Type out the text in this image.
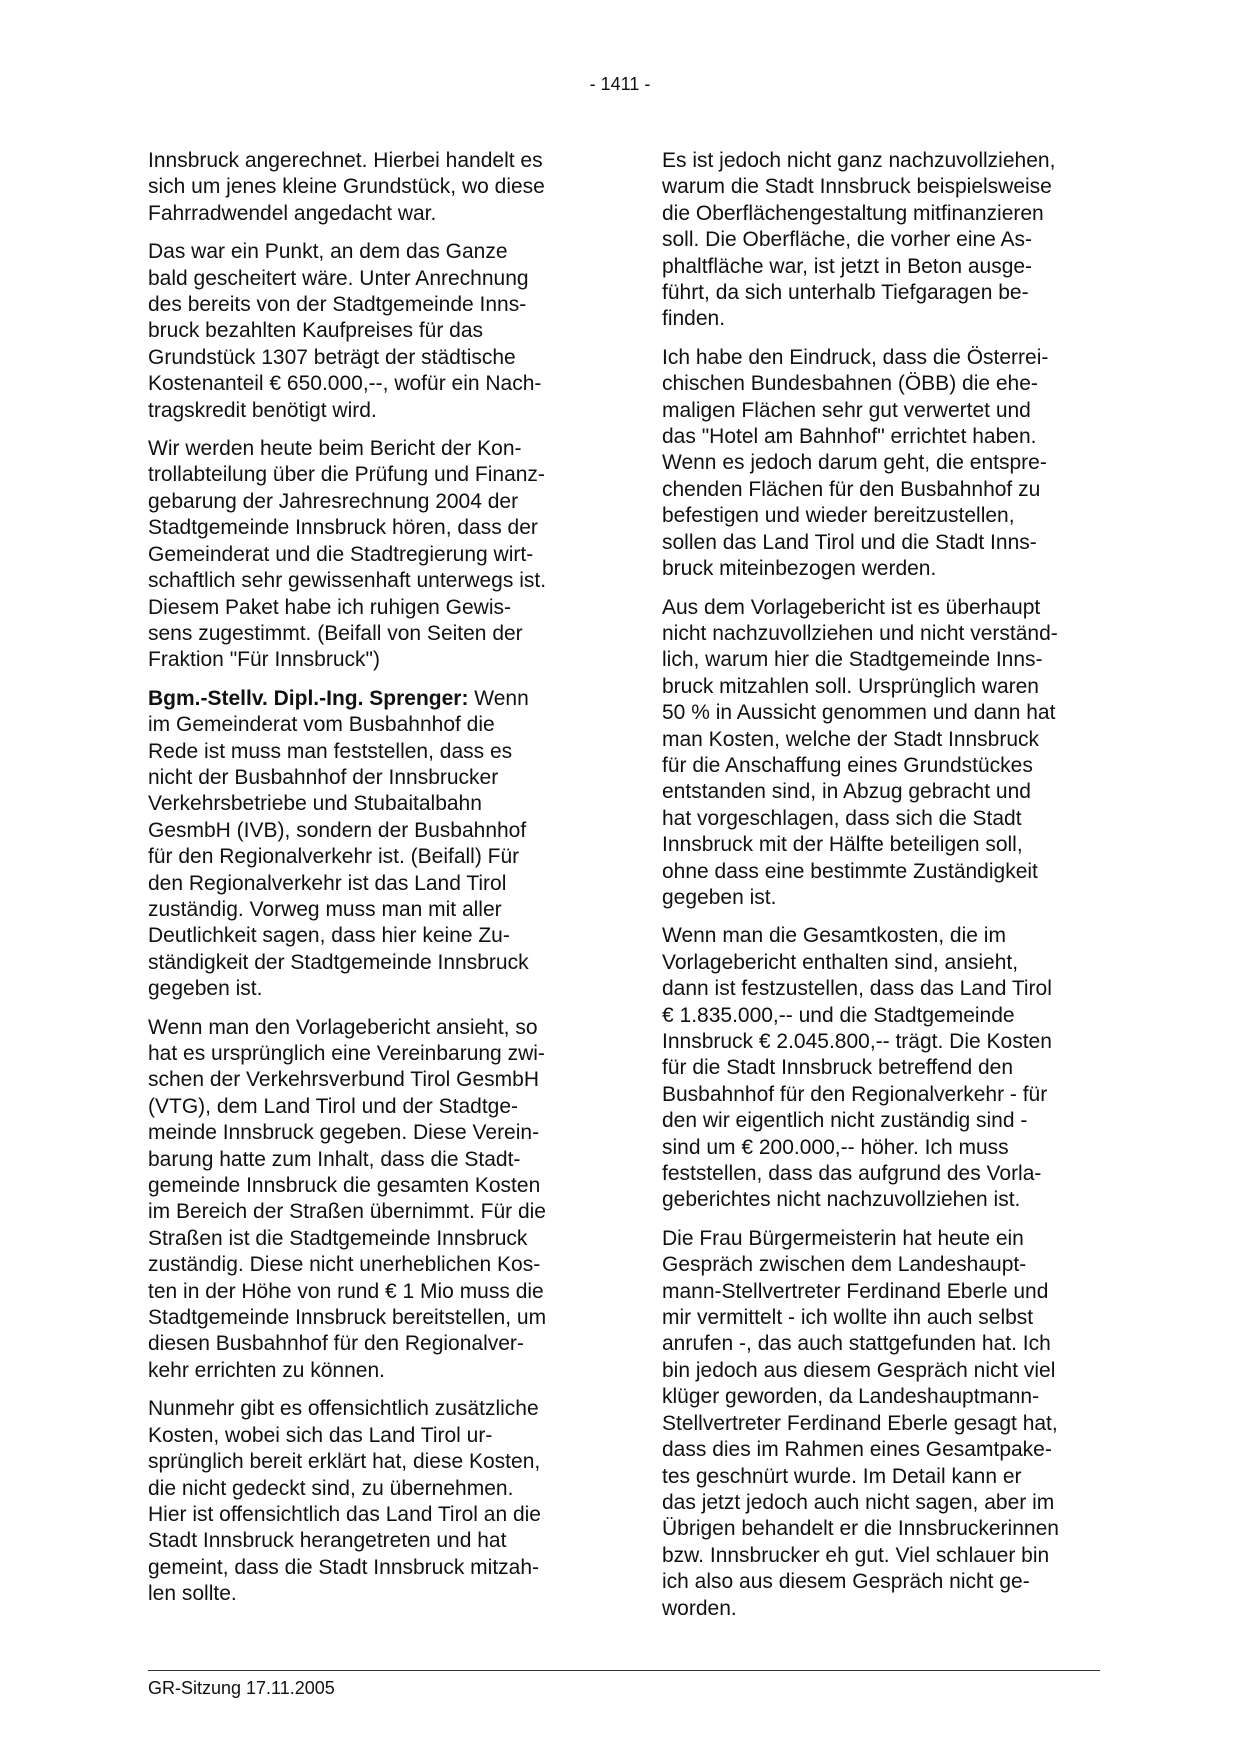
- 1411 -

Innsbruck angerechnet. Hierbei handelt es
sich um jenes kleine Grundstück, wo diese
Fahrradwendel angedacht war.

Das war ein Punkt, an dem das Ganze
bald gescheitert wäre. Unter Anrechnung
des bereits von der Stadtgemeinde Inns-
bruck bezahlten Kaufpreises für das
Grundstück 1307 beträgt der städtische
Kostenanteil € 650.000,--, wofür ein Nach-
tragskredit benötigt wird.

Wir werden heute beim Bericht der Kon-
trollabteilung über die Prüfung und Finanz-
gebarung der Jahresrechnung 2004 der
Stadtgemeinde Innsbruck hören, dass der
Gemeinderat und die Stadtregierung wirt-
schaftlich sehr gewissenhaft unterwegs ist.
Diesem Paket habe ich ruhigen Gewis-
sens zugestimmt. (Beifall von Seiten der
Fraktion "Für Innsbruck")

Bgm.-Stellv. Dipl.-Ing. Sprenger: Wenn
im Gemeinderat vom Busbahnhof die
Rede ist muss man feststellen, dass es
nicht der Busbahnhof der Innsbrucker
Verkehrsbetriebe und Stubaitalbahn
GesmbH (IVB), sondern der Busbahnhof
für den Regionalverkehr ist. (Beifall) Für
den Regionalverkehr ist das Land Tirol
zuständig. Vorweg muss man mit aller
Deutlichkeit sagen, dass hier keine Zu-
ständigkeit der Stadtgemeinde Innsbruck
gegeben ist.

Wenn man den Vorlagebericht ansieht, so
hat es ursprünglich eine Vereinbarung zwi-
schen der Verkehrsverbund Tirol GesmbH
(VTG), dem Land Tirol und der Stadtge-
meinde Innsbruck gegeben. Diese Verein-
barung hatte zum Inhalt, dass die Stadt-
gemeinde Innsbruck die gesamten Kosten
im Bereich der Straßen übernimmt. Für die
Straßen ist die Stadtgemeinde Innsbruck
zuständig. Diese nicht unerheblichen Kos-
ten in der Höhe von rund € 1 Mio muss die
Stadtgemeinde Innsbruck bereitstellen, um
diesen Busbahnhof für den Regionalver-
kehr errichten zu können.

Nunmehr gibt es offensichtlich zusätzliche
Kosten, wobei sich das Land Tirol ur-
sprünglich bereit erklärt hat, diese Kosten,
die nicht gedeckt sind, zu übernehmen.
Hier ist offensichtlich das Land Tirol an die
Stadt Innsbruck herangetreten und hat
gemeint, dass die Stadt Innsbruck mitzah-
len sollte.

Es ist jedoch nicht ganz nachzuvollziehen,
warum die Stadt Innsbruck beispielsweise
die Oberflächengestaltung mitfinanzieren
soll. Die Oberfläche, die vorher eine As-
phaltfläche war, ist jetzt in Beton ausge-
führt, da sich unterhalb Tiefgaragen be-
finden.

Ich habe den Eindruck, dass die Österrei-
chischen Bundesbahnen (ÖBB) die ehe-
maligen Flächen sehr gut verwertet und
das "Hotel am Bahnhof" errichtet haben.
Wenn es jedoch darum geht, die entspre-
chenden Flächen für den Busbahnhof zu
befestigen und wieder bereitzustellen,
sollen das Land Tirol und die Stadt Inns-
bruck miteinbezogen werden.

Aus dem Vorlagebericht ist es überhaupt
nicht nachzuvollziehen und nicht verständ-
lich, warum hier die Stadtgemeinde Inns-
bruck mitzahlen soll. Ursprünglich waren
50 % in Aussicht genommen und dann hat
man Kosten, welche der Stadt Innsbruck
für die Anschaffung eines Grundstückes
entstanden sind, in Abzug gebracht und
hat vorgeschlagen, dass sich die Stadt
Innsbruck mit der Hälfte beteiligen soll,
ohne dass eine bestimmte Zuständigkeit
gegeben ist.

Wenn man die Gesamtkosten, die im
Vorlagebericht enthalten sind, ansieht,
dann ist festzustellen, dass das Land Tirol
€ 1.835.000,-- und die Stadtgemeinde
Innsbruck € 2.045.800,-- trägt. Die Kosten
für die Stadt Innsbruck betreffend den
Busbahnhof für den Regionalverkehr - für
den wir eigentlich nicht zuständig sind -
sind um € 200.000,-- höher. Ich muss
feststellen, dass das aufgrund des Vorla-
geberichtes nicht nachzuvollziehen ist.

Die Frau Bürgermeisterin hat heute ein
Gespräch zwischen dem Landeshaupt-
mann-Stellvertreter Ferdinand Eberle und
mir vermittelt - ich wollte ihn auch selbst
anrufen -, das auch stattgefunden hat. Ich
bin jedoch aus diesem Gespräch nicht viel
klüger geworden, da Landeshauptmann-
Stellvertreter Ferdinand Eberle gesagt hat,
dass dies im Rahmen eines Gesamtpake-
tes geschnürt wurde. Im Detail kann er
das jetzt jedoch auch nicht sagen, aber im
Übrigen behandelt er die Innsbruckerinnen
bzw. Innsbrucker eh gut. Viel schlauer bin
ich also aus diesem Gespräch nicht ge-
worden.

GR-Sitzung 17.11.2005
